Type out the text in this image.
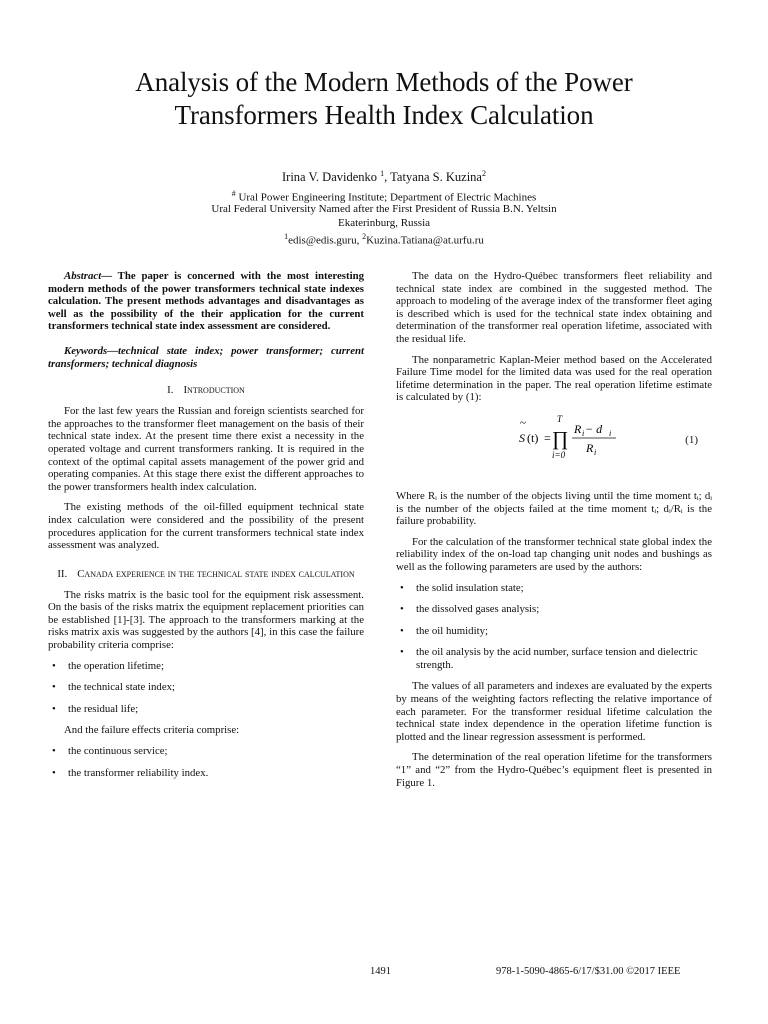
Analysis of the Modern Methods of the Power
Transformers Health Index Calculation
Irina V. Davidenko $^1$, Tatyana S. Kuzina$^2$
# Ural Power Engineering Institute; Department of Electric Machines
Ural Federal University Named after the First President of Russia B.N. Yeltsin
Ekaterinburg, Russia
$^1$edis@edis.guru, $^2$Kuzina.Tatiana@at.urfu.ru

Abstract— The paper is concerned with the most interesting modern methods of the power transformers technical state indexes calculation. The present methods advantages and disadvantages as well as the possibility of the their application for the current transformers technical state index assessment are considered.

Keywords—technical state index; power transformer; current transformers; technical diagnosis

I. Introduction

For the last few years the Russian and foreign scientists searched for the approaches to the transformer fleet management on the basis of their technical state index. At the present time there exist a necessity in the operated voltage and current transformers ranking. It is required in the context of the optimal capital assets management of the power grid and operating companies. At this stage there exist the different approaches to the power transformers health index calculation.

The existing methods of the oil-filled equipment technical state index calculation were considered and the possibility of the present procedures application for the current transformers technical state index assessment was analyzed.

II. Canada experience in the technical state index calculation

The risks matrix is the basic tool for the equipment risk assessment. On the basis of the risks matrix the equipment replacement priorities can be established [1]-[3]. The approach to the transformers marking at the risks matrix axis was suggested by the authors [4], in this case the failure probability criteria comprise:

• the operation lifetime;
• the technical state index;
• the residual life;

And the failure effects criteria comprise:

• the continuous service;
• the transformer reliability index.

The data on the Hydro-Québec transformers fleet reliability and technical state index are combined in the suggested method. The approach to modeling of the average index of the transformer fleet aging is described which is used for the technical state index obtaining and determination of the transformer real operation lifetime, associated with the residual life.

The nonparametric Kaplan-Meier method based on the Accelerated Failure Time model for the limited data was used for the real operation lifetime determination in the paper. The real operation lifetime estimate is calculated by (1):

~
S (t) =
T
∏
i=0
R i − d i
R i
(1)

Where Rᵢ is the number of the objects living until the time moment tᵢ; dᵢ is the number of the objects failed at the time moment tᵢ; dᵢ/Rᵢ is the failure probability.

For the calculation of the transformer technical state global index the reliability index of the on-load tap changing unit nodes and bushings as well as the following parameters are used by the authors:

• the solid insulation state;
• the dissolved gases analysis;
• the oil humidity;
• the oil analysis by the acid number, surface tension and dielectric strength.

The values of all parameters and indexes are evaluated by the experts by means of the weighting factors reflecting the relative importance of each parameter. For the transformer residual lifetime calculation the technical state index dependence in the operation lifetime function is plotted and the linear regression assessment is performed.

The determination of the real operation lifetime for the transformers “1” and “2” from the Hydro-Québec’s equipment fleet is presented in Figure 1.

1491	978-1-5090-4865-6/17/$31.00 ©2017 IEEE
